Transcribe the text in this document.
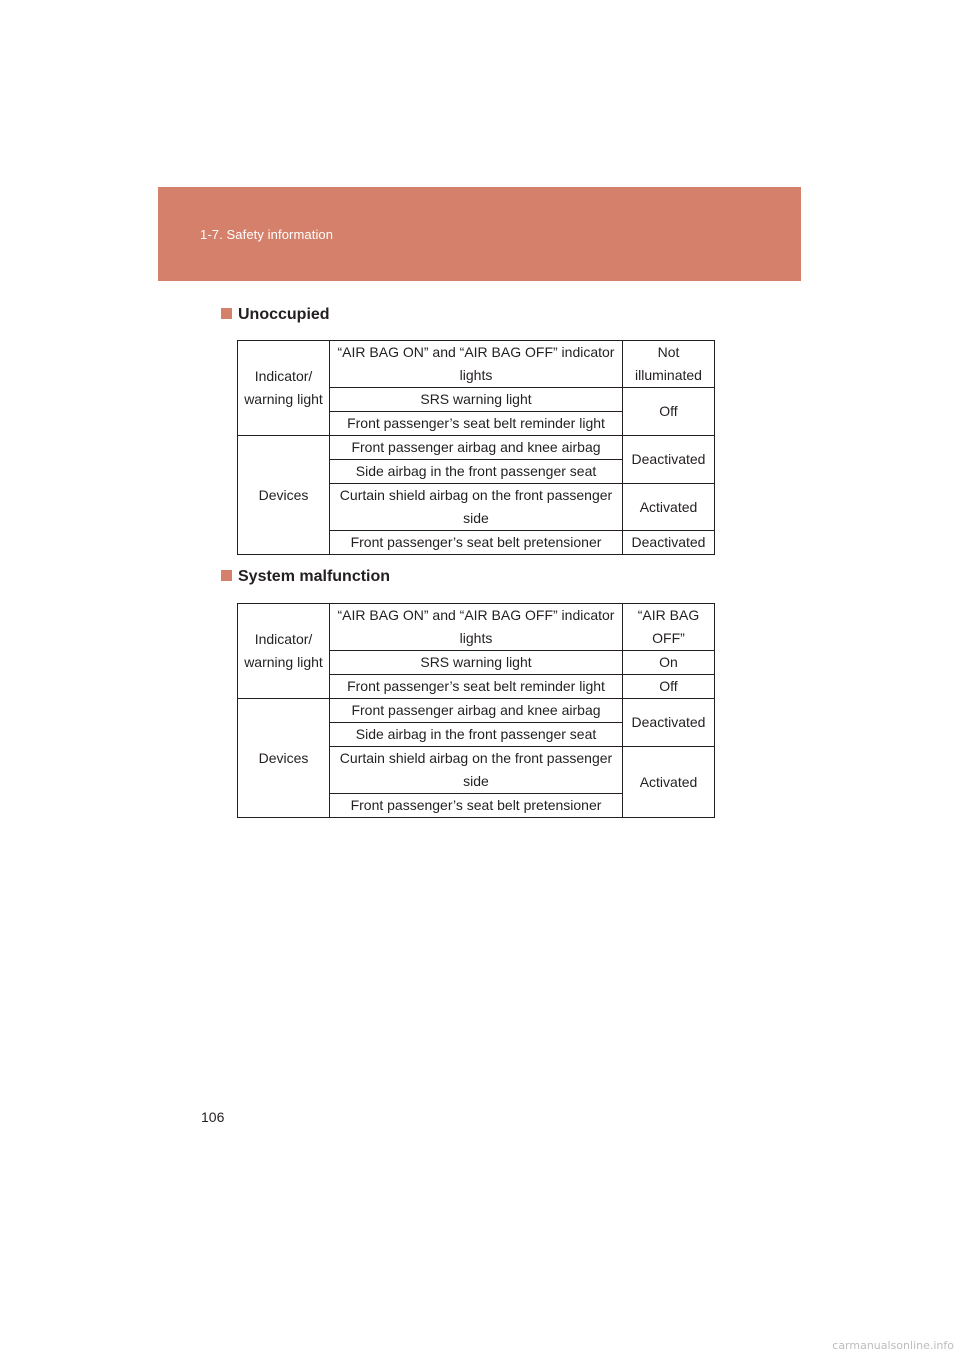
1-7. Safety information
Unoccupied
Indicator/ warning light	“AIR BAG ON” and “AIR BAG OFF” indicator lights	Not illuminated
	SRS warning light	Off
	Front passenger’s seat belt reminder light	
Devices	Front passenger airbag and knee airbag	Deactivated
	Side airbag in the front passenger seat	
	Curtain shield airbag on the front passenger side	Activated
	Front passenger’s seat belt pretensioner	Deactivated
System malfunction
Indicator/ warning light	“AIR BAG ON” and “AIR BAG OFF” indicator lights	“AIR BAG OFF”
	SRS warning light	On
	Front passenger’s seat belt reminder light	Off
Devices	Front passenger airbag and knee airbag	Deactivated
	Side airbag in the front passenger seat	
	Curtain shield airbag on the front passenger side	Activated
	Front passenger’s seat belt pretensioner	
106
carmanualsonline.info
